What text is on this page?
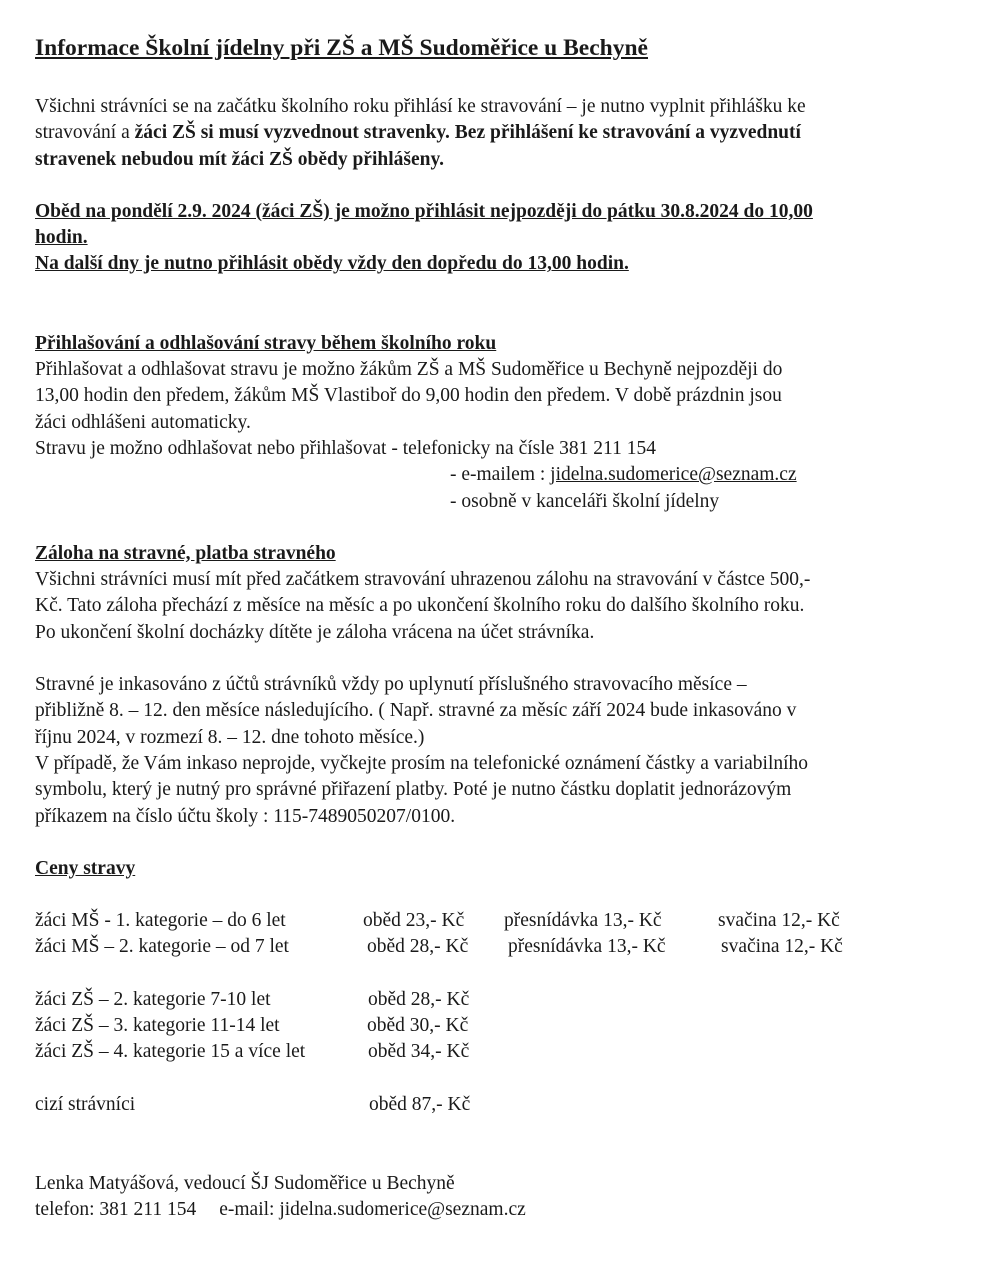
Informace Školní jídelny při ZŠ a MŠ Sudoměřice u Bechyně

Všichni strávníci se na začátku školního roku přihlásí ke stravování – je nutno vyplnit přihlášku ke

stravování a žáci ZŠ si musí vyzvednout stravenky. Bez přihlášení ke stravování a vyzvednutí

stravenek nebudou mít žáci ZŠ obědy přihlášeny.

Oběd na pondělí 2.9. 2024 (žáci ZŠ) je možno přihlásit nejpozději do pátku 30.8.2024 do 10,00

hodin.

Na další dny je nutno přihlásit obědy vždy den dopředu do 13,00 hodin.

Přihlašování a odhlašování stravy během školního roku

Přihlašovat a odhlašovat stravu je možno žákům ZŠ a MŠ Sudoměřice u Bechyně nejpozději do

13,00 hodin den předem, žákům MŠ Vlastiboř do 9,00 hodin den předem. V době prázdnin jsou

žáci odhlášeni automaticky.

Stravu je možno odhlašovat nebo přihlašovat - telefonicky na čísle 381 211 154

- e-mailem : jidelna.sudomerice@seznam.cz

- osobně v kanceláři školní jídelny

Záloha na stravné, platba stravného

Všichni strávníci musí mít před začátkem stravování uhrazenou zálohu na stravování v částce 500,-

Kč. Tato záloha přechází z měsíce na měsíc a po ukončení školního roku do dalšího školního roku.

Po ukončení školní docházky dítěte je záloha vrácena na účet strávníka.

Stravné je inkasováno z účtů strávníků vždy po uplynutí příslušného stravovacího měsíce –

přibližně 8. – 12. den měsíce následujícího. ( Např. stravné za měsíc září 2024 bude inkasováno v

říjnu 2024, v rozmezí 8. – 12. dne tohoto měsíce.)

V případě, že Vám inkaso neprojde, vyčkejte prosím na telefonické oznámení částky a variabilního

symbolu, který je nutný pro správné přiřazení platby. Poté je nutno částku doplatit jednorázovým

příkazem na číslo účtu školy : 115-7489050207/0100.

Ceny stravy

žáci MŠ - 1. kategorie – do 6 let	oběd 23,- Kč	přesnídávka 13,- Kč	svačina 12,- Kč
žáci MŠ – 2. kategorie – od 7 let	oběd 28,- Kč	přesnídávka 13,- Kč	svačina 12,- Kč
žáci ZŠ – 2. kategorie 7-10 let	oběd 28,- Kč
žáci ZŠ – 3. kategorie 11-14 let	oběd 30,- Kč
žáci ZŠ – 4. kategorie 15 a více let	oběd 34,- Kč
cizí strávníci	oběd 87,- Kč

Lenka Matyášová, vedoucí ŠJ Sudoměřice u Bechyně

telefon: 381 211 154 e-mail: jidelna.sudomerice@seznam.cz
